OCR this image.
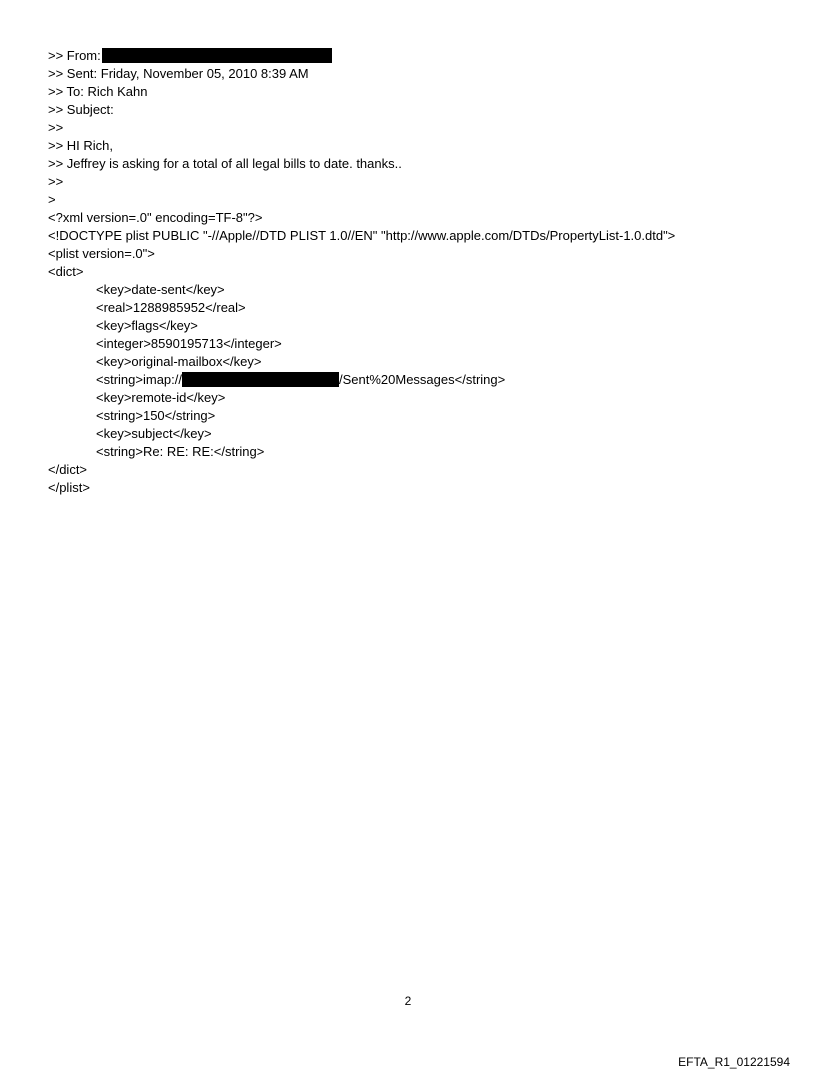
>> From:
>> Sent: Friday, November 05, 2010 8:39 AM
>> To: Rich Kahn
>> Subject:
>>
>> HI Rich,
>> Jeffrey is asking for a total of all legal bills to date. thanks..
>>
>
<?xml version=.0" encoding=TF-8"?>
<!DOCTYPE plist PUBLIC "-//Apple//DTD PLIST 1.0//EN" "http://www.apple.com/DTDs/PropertyList-1.0.dtd">
<plist version=.0">
<dict>
<key>date-sent</key>
<real>1288985952</real>
<key>flags</key>
<integer>8590195713</integer>
<key>original-mailbox</key>
<string>imap://	/Sent%20Messages</string>
<key>remote-id</key>
<string>150</string>
<key>subject</key>
<string>Re: RE: RE:</string>
</dict>
</plist>
2
EFTA_R1_01221594
